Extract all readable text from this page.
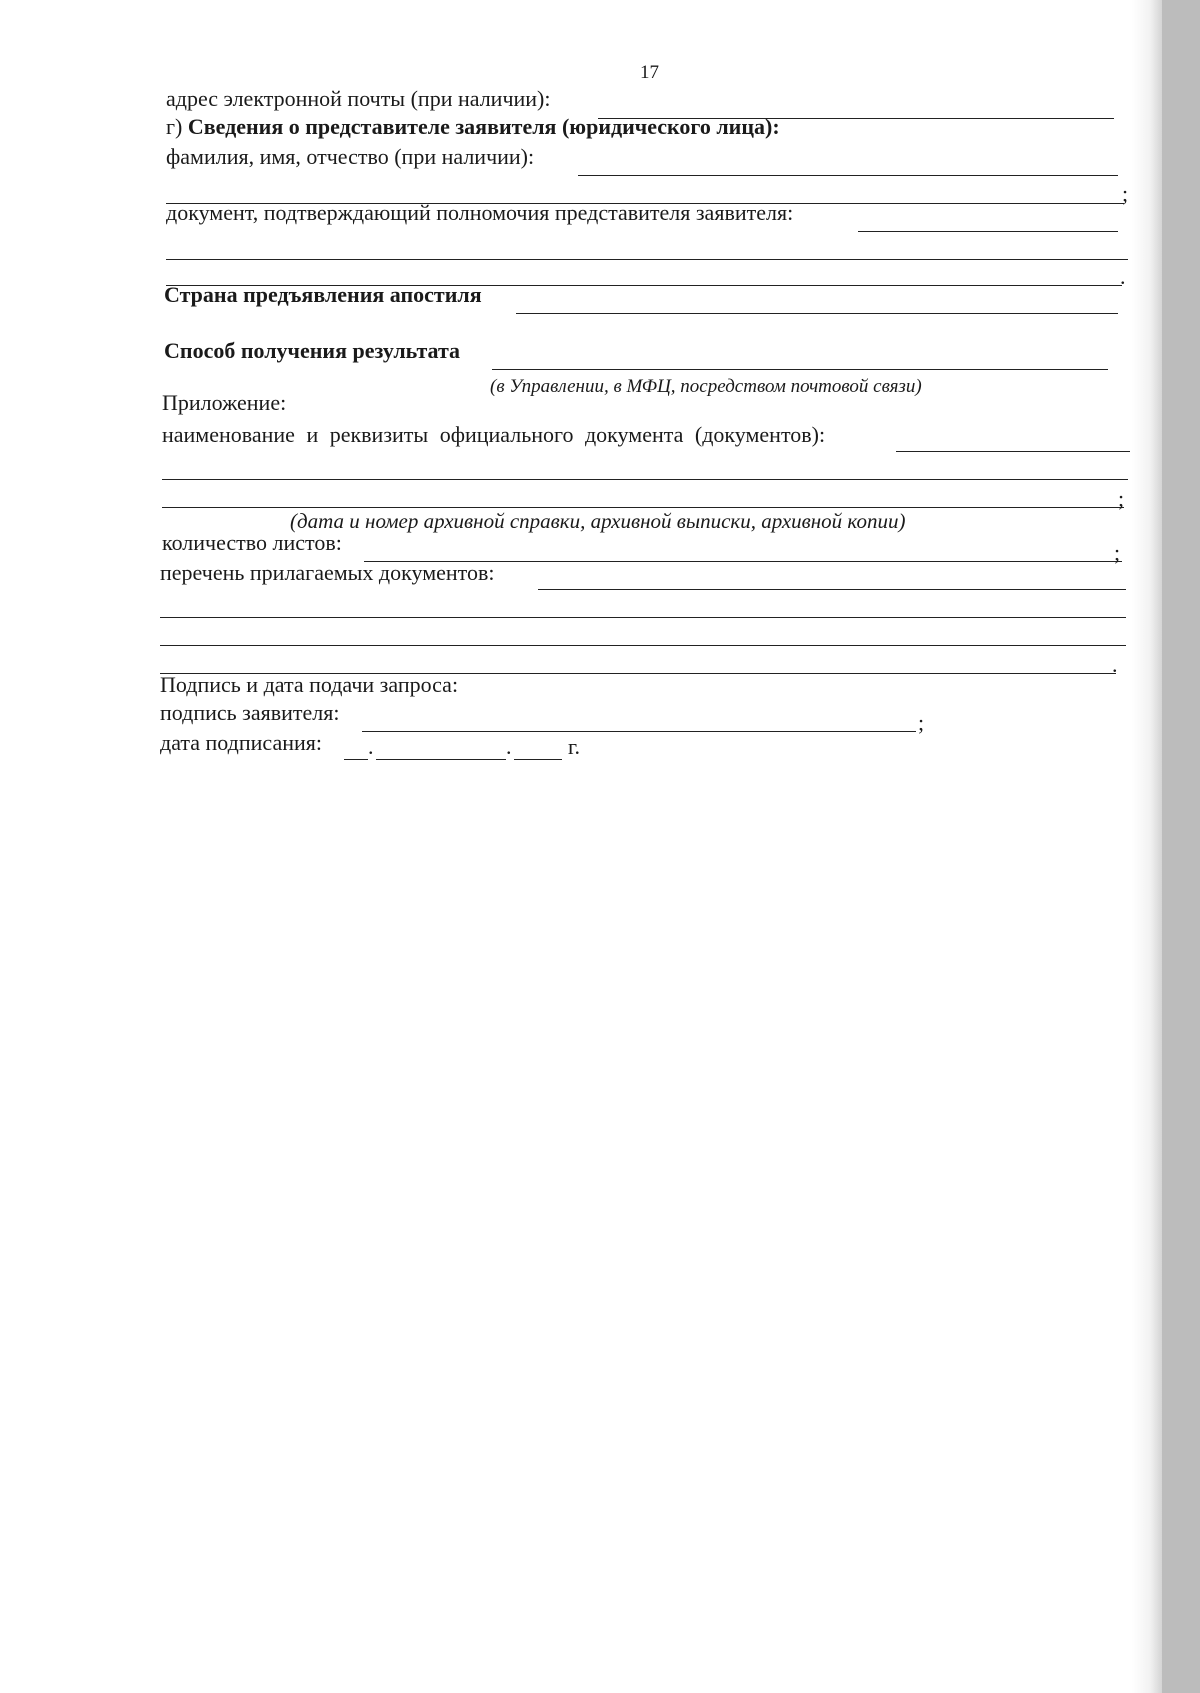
17
адрес электронной почты (при наличии):
г) Сведения о представителе заявителя (юридического лица):
фамилия, имя, отчество (при наличии):
;
документ, подтверждающий полномочия представителя заявителя:
.
Страна предъявления апостиля
Способ получения результата
(в Управлении, в МФЦ, посредством почтовой связи)
Приложение:
наименование и реквизиты официального документа (документов):
;
(дата и номер архивной справки, архивной выписки, архивной копии)
количество листов:	;
перечень прилагаемых документов:
.
Подпись и дата подачи запроса:
подпись заявителя:	;
дата подписания: .	.	г.
